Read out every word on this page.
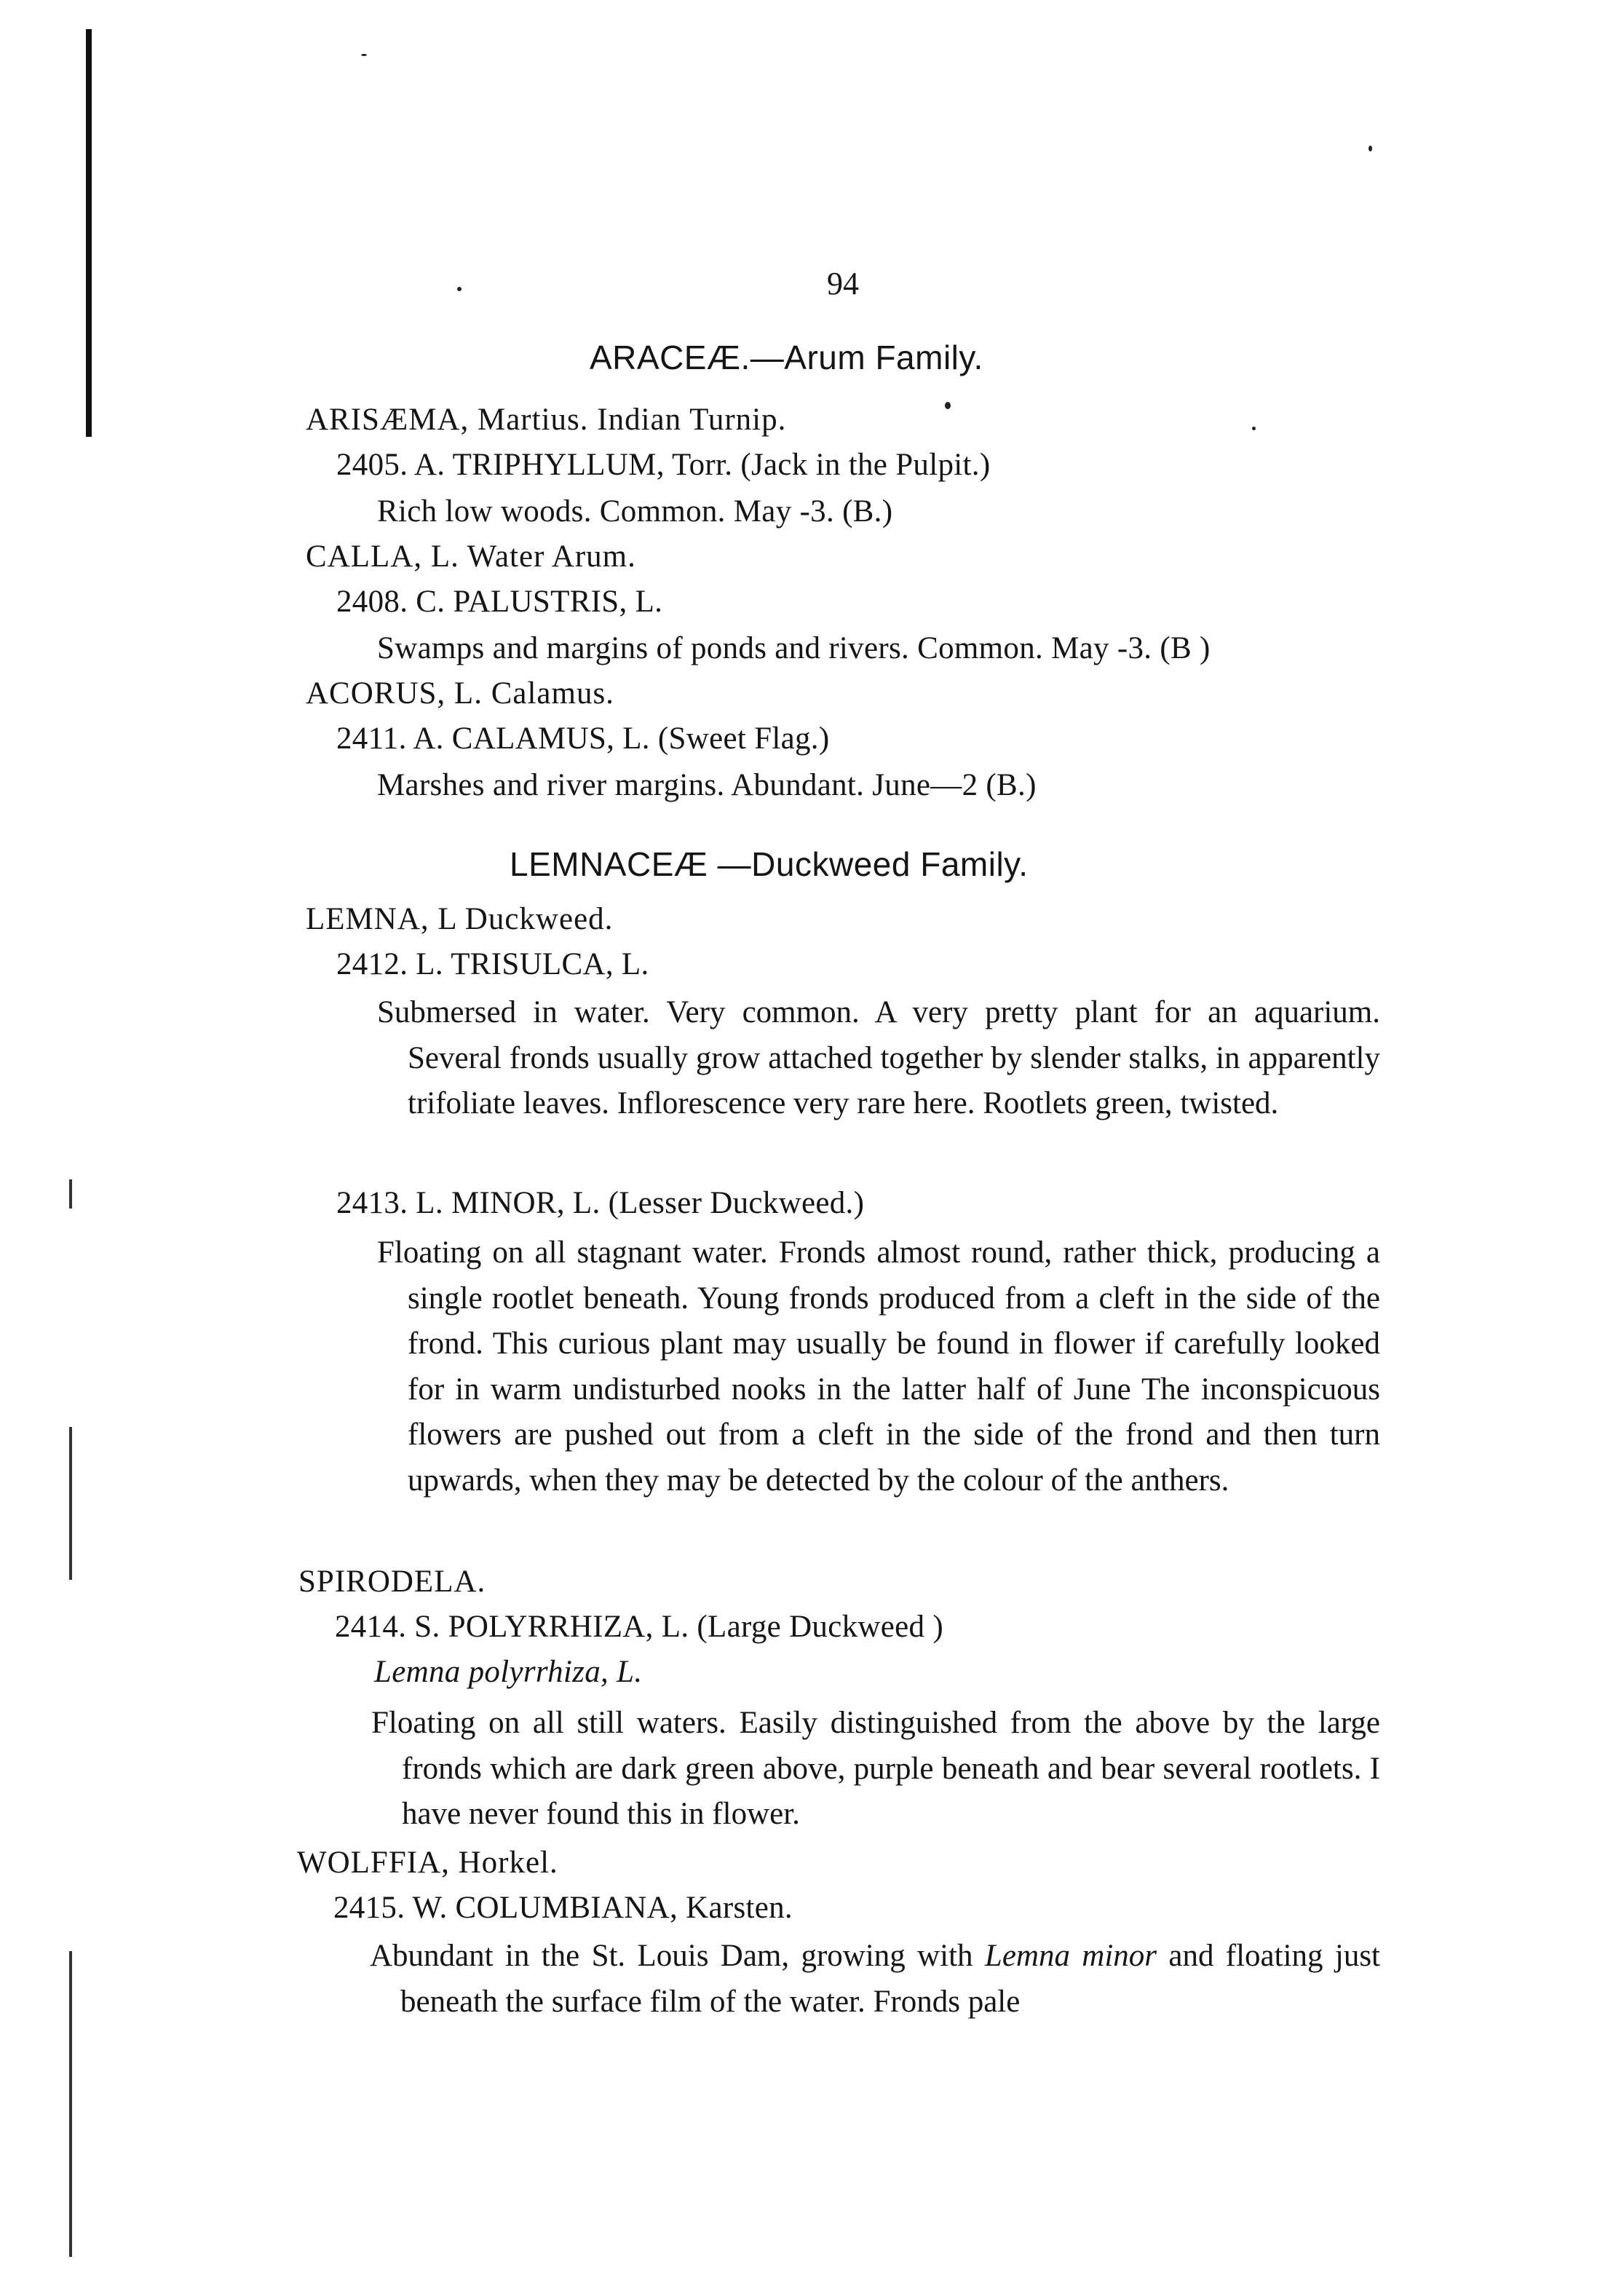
94
ARACEÆ.—Arum Family.
ARISÆMA, Martius. Indian Turnip.
2405. A. TRIPHYLLUM, Torr. (Jack in the Pulpit.)
Rich low woods. Common. May -3. (B.)
CALLA, L. Water Arum.
2408. C. PALUSTRIS, L.
Swamps and margins of ponds and rivers. Common. May -3. (B )
ACORUS, L. Calamus.
2411. A. CALAMUS, L. (Sweet Flag.)
Marshes and river margins. Abundant. June—2 (B.)
LEMNACEÆ —Duckweed Family.
LEMNA, L Duckweed.
2412. L. TRISULCA, L.
Submersed in water. Very common. A very pretty plant for an aquarium. Several fronds usually grow attached together by slender stalks, in apparently trifoliate leaves. Inflorescence very rare here. Rootlets green, twisted.
2413. L. MINOR, L. (Lesser Duckweed.)
Floating on all stagnant water. Fronds almost round, rather thick, producing a single rootlet beneath. Young fronds produced from a cleft in the side of the frond. This curious plant may usually be found in flower if carefully looked for in warm undisturbed nooks in the latter half of June The inconspicuous flowers are pushed out from a cleft in the side of the frond and then turn upwards, when they may be detected by the colour of the anthers.
SPIRODELA.
2414. S. POLYRRHIZA, L. (Large Duckweed )
Lemna polyrrhiza, L.
Floating on all still waters. Easily distinguished from the above by the large fronds which are dark green above, purple beneath and bear several rootlets. I have never found this in flower.
WOLFFIA, Horkel.
2415. W. COLUMBIANA, Karsten.
Abundant in the St. Louis Dam, growing with Lemna minor and floating just beneath the surface film of the water. Fronds pale
